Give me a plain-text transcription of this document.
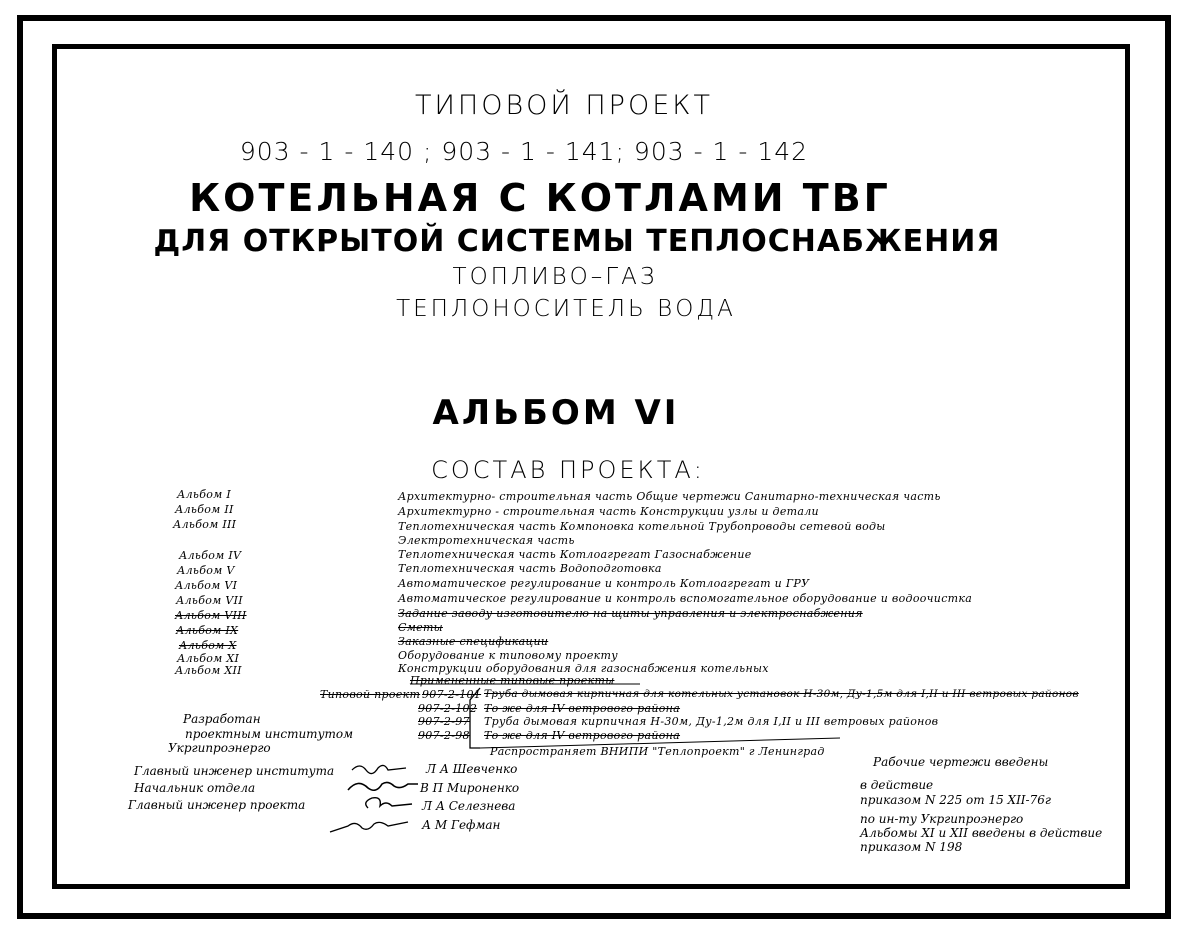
ТИПОВОЙ ПРОЕКТ
903 - 1 - 140 ; 903 - 1 - 141; 903 - 1 - 142
КОТЕЛЬНАЯ С КОТЛАМИ ТВГ
ДЛЯ ОТКРЫТОЙ СИСТЕМЫ ТЕПЛОСНАБЖЕНИЯ
ТОПЛИВО–ГАЗ
ТЕПЛОНОСИТЕЛЬ ВОДА
АЛЬБОМ VI
СОСТАВ ПРОЕКТА:
Альбом I
Альбом II
Альбом III
Альбом IV
Альбом V
Альбом VI
Альбом VII
Альбом VIII
Альбом IX
Альбом X
Альбом XI
Альбом XII
Архитектурно- строительная часть Общие чертежи Санитарно-техническая часть
Архитектурно - строительная часть Конструкции узлы и детали
Теплотехническая часть Компоновка котельной Трубопроводы сетевой воды
Электротехническая часть
Теплотехническая часть Котлоагрегат Газоснабжение
Теплотехническая часть Водоподготовка
Автоматическое регулирование и контроль Котлоагрегат и ГРУ
Автоматическое регулирование и контроль вспомогательное оборудование и водоочистка
Задание заводу изготовителю на щиты управления и электроснабжения
Сметы
Заказные спецификации
Оборудование к типовому проекту
Конструкции оборудования для газоснабжения котельных
Примененные типовые проекты
Типовой проект 907-2-101 Труба дымовая кирпичная для котельных установок Н-30м, Ду-1,5м для I,II и III ветровых районов
907-2-102 То же для IV ветрового района
907-2-97 Труба дымовая кирпичная Н-30м, Ду-1,2м для I,II и III ветровых районов
907-2-98 То же для IV ветрового района
Распространяет ВНИПИ "Теплопроект" г Ленинград
Разработан
проектным институтом
Укргипроэнерго
Главный инженер института
Начальник отдела
Главный инженер проекта
Л А Шевченко
В П Мироненко
Л А Селезнева
А М Гефман
Рабочие чертежи введены
в действие
приказом N 225 от 15 XII-76г
по ин-ту Укргипроэнерго
Альбомы XI и XII введены в действие
приказом N 198
